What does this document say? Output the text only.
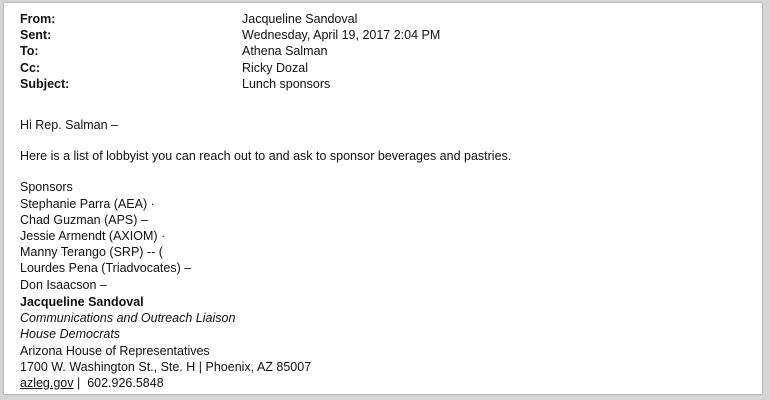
From:	Jacqueline Sandoval
Sent:	Wednesday, April 19, 2017 2:04 PM
To:	Athena Salman
Cc:	Ricky Dozal
Subject:	Lunch sponsors
Hi Rep. Salman –
Here is a list of lobbyist you can reach out to and ask to sponsor beverages and pastries.
Sponsors
Stephanie Parra (AEA) ·
Chad Guzman (APS) –
Jessie Armendt (AXIOM) ·
Manny Terango (SRP) -- (
Lourdes Pena (Triadvocates) –
Don Isaacson –
Jacqueline Sandoval
Communications and Outreach Liaison
House Democrats
Arizona House of Representatives
1700 W. Washington St., Ste. H | Phoenix, AZ 85007
azleg.gov |  602.926.5848
